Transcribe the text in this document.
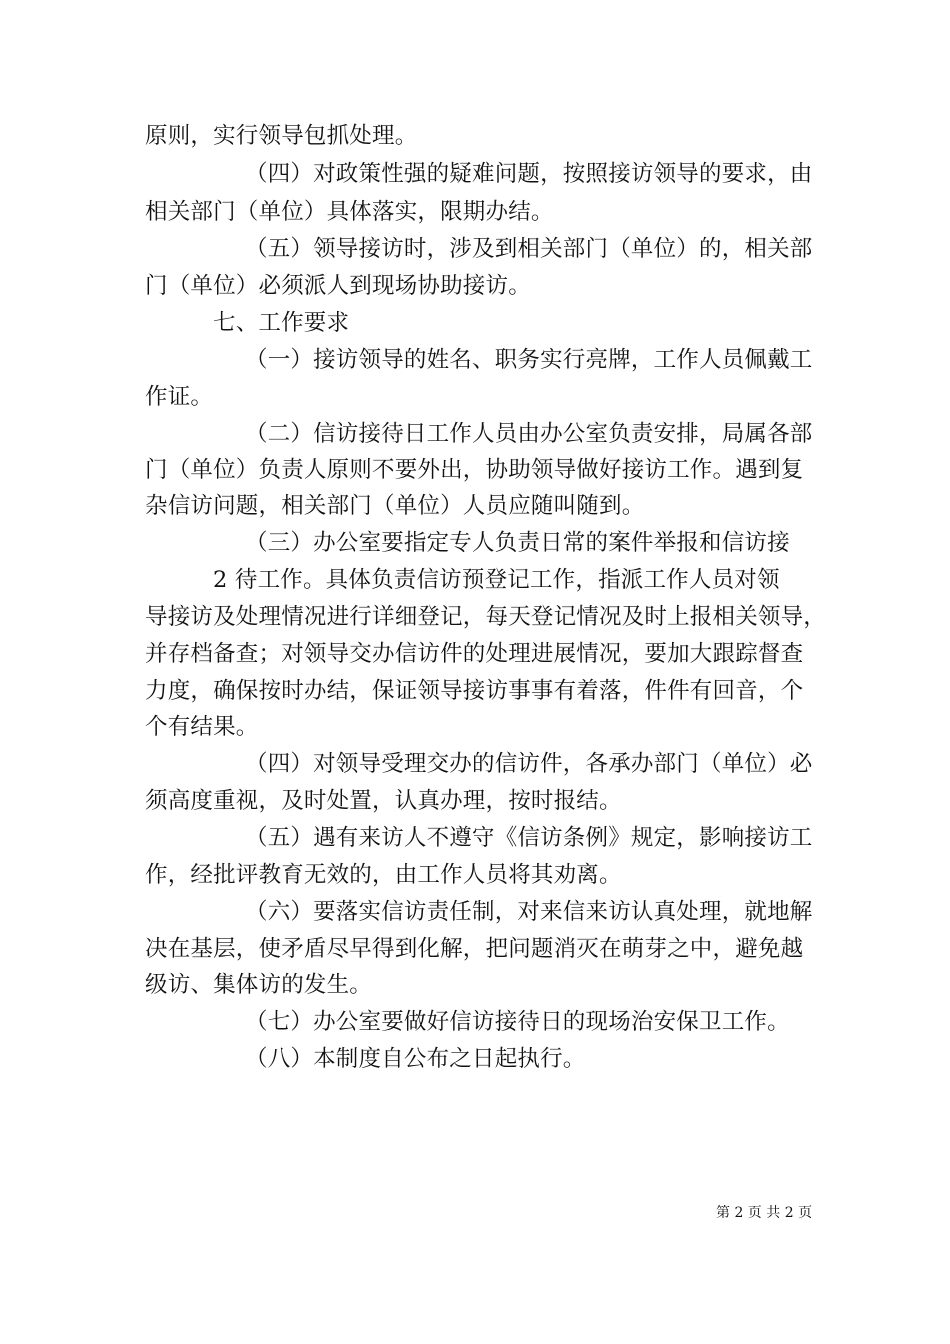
原则，实行领导包抓处理。
（四）对政策性强的疑难问题，按照接访领导的要求，由
相关部门（单位）具体落实，限期办结。
（五）领导接访时，涉及到相关部门（单位）的，相关部
门（单位）必须派人到现场协助接访。
七、工作要求
（一）接访领导的姓名、职务实行亮牌，工作人员佩戴工
作证。
（二）信访接待日工作人员由办公室负责安排，局属各部
门（单位）负责人原则不要外出，协助领导做好接访工作。遇到复
杂信访问题，相关部门（单位）人员应随叫随到。
（三）办公室要指定专人负责日常的案件举报和信访接
2 待工作。具体负责信访预登记工作，指派工作人员对领
导接访及处理情况进行详细登记，每天登记情况及时上报相关领导，
并存档备查；对领导交办信访件的处理进展情况，要加大跟踪督查
力度，确保按时办结，保证领导接访事事有着落，件件有回音，个
个有结果。
（四）对领导受理交办的信访件，各承办部门（单位）必
须高度重视，及时处置，认真办理，按时报结。
（五）遇有来访人不遵守《信访条例》规定，影响接访工
作，经批评教育无效的，由工作人员将其劝离。
（六）要落实信访责任制，对来信来访认真处理，就地解
决在基层，使矛盾尽早得到化解，把问题消灭在萌芽之中，避免越
级访、集体访的发生。
（七）办公室要做好信访接待日的现场治安保卫工作。
（八）本制度自公布之日起执行。
第 2 页 共 2 页
